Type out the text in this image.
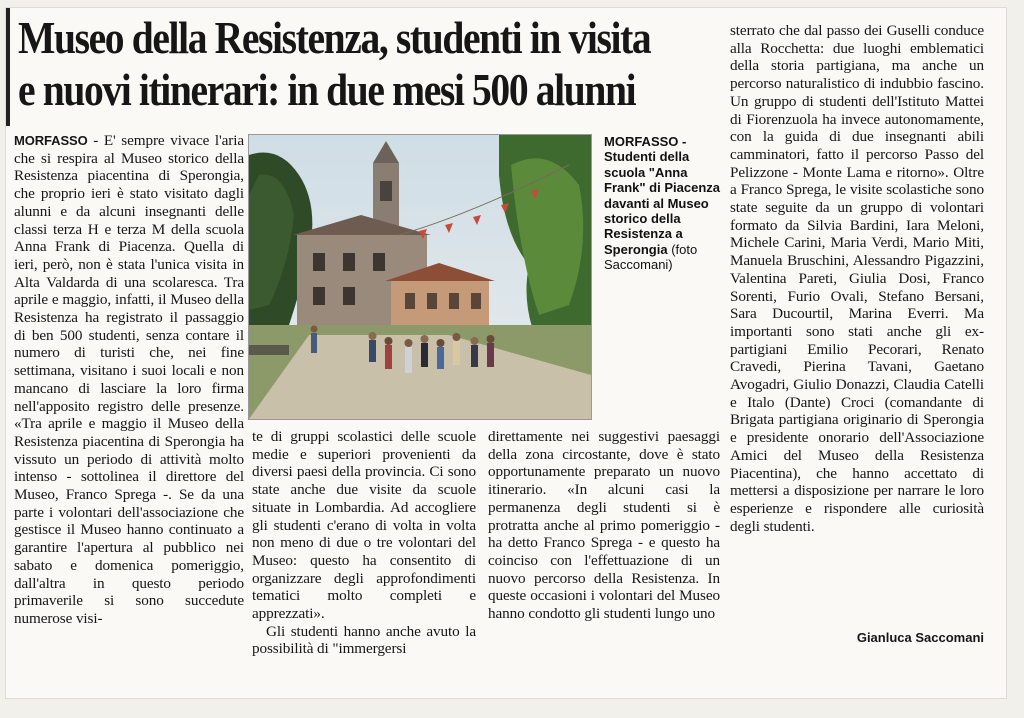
Museo della Resistenza, studenti in visita
e nuovi itinerari: in due mesi 500 alunni

MORFASSO - E' sempre vivace l'aria che si respira al Museo storico della Resistenza piacentina di Sperongia, che proprio ieri è stato visitato dagli alunni e da alcuni insegnanti delle classi terza H e terza M della scuola Anna Frank di Piacenza. Quella di ieri, però, non è stata l'unica visita in Alta Valdarda di una scolaresca. Tra aprile e maggio, infatti, il Museo della Resistenza ha registrato il passaggio di ben 500 studenti, senza contare il numero di turisti che, nei fine settimana, visitano i suoi locali e non mancano di lasciare la loro firma nell'apposito registro delle presenze. «Tra aprile e maggio il Museo della Resistenza piacentina di Sperongia ha vissuto un periodo di attività molto intenso - sottolinea il direttore del Museo, Franco Sprega -. Se da una parte i volontari dell'associazione che gestisce il Museo hanno continuato a garantire l'apertura al pubblico nei sabato e domenica pomeriggio, dall'altra in questo periodo primaverile si sono succedute numerose visi-

MORFASSO - Studenti della scuola "Anna Frank" di Piacenza davanti al Museo storico della Resistenza a Sperongia (foto Saccomani)

te di gruppi scolastici delle scuole medie e superiori provenienti da diversi paesi della provincia. Ci sono state anche due visite da scuole situate in Lombardia. Ad accogliere gli studenti c'erano di volta in volta non meno di due o tre volontari del Museo: questo ha consentito di organizzare degli approfondimenti tematici molto completi e apprezzati».

Gli studenti hanno anche avuto la possibilità di "immergersi

direttamente nei suggestivi paesaggi della zona circostante, dove è stato opportunamente preparato un nuovo itinerario. «In alcuni casi la permanenza degli studenti si è protratta anche al primo pomeriggio - ha detto Franco Sprega - e questo ha coinciso con l'effettuazione di un nuovo percorso della Resistenza. In queste occasioni i volontari del Museo hanno condotto gli studenti lungo uno

sterrato che dal passo dei Guselli conduce alla Rocchetta: due luoghi emblematici della storia partigiana, ma anche un percorso naturalistico di indubbio fascino. Un gruppo di studenti dell'Istituto Mattei di Fiorenzuola ha invece autonomamente, con la guida di due insegnanti abili camminatori, fatto il percorso Passo del Pelizzone - Monte Lama e ritorno». Oltre a Franco Sprega, le visite scolastiche sono state seguite da un gruppo di volontari formato da Silvia Bardini, Iara Meloni, Michele Carini, Maria Verdi, Mario Miti, Manuela Bruschini, Alessandro Pigazzini, Valentina Pareti, Giulia Dosi, Franco Sorenti, Furio Ovali, Stefano Bersani, Sara Ducourtil, Marina Everri. Ma importanti sono stati anche gli ex-partigiani Emilio Pecorari, Renato Cravedi, Pierina Tavani, Gaetano Avogadri, Giulio Donazzi, Claudia Catelli e Italo (Dante) Croci (comandante di Brigata partigiana originario di Sperongia e presidente onorario dell'Associazione Amici del Museo della Resistenza Piacentina), che hanno accettato di mettersi a disposizione per narrare le loro esperienze e rispondere alle curiosità degli studenti.

Gianluca Saccomani
